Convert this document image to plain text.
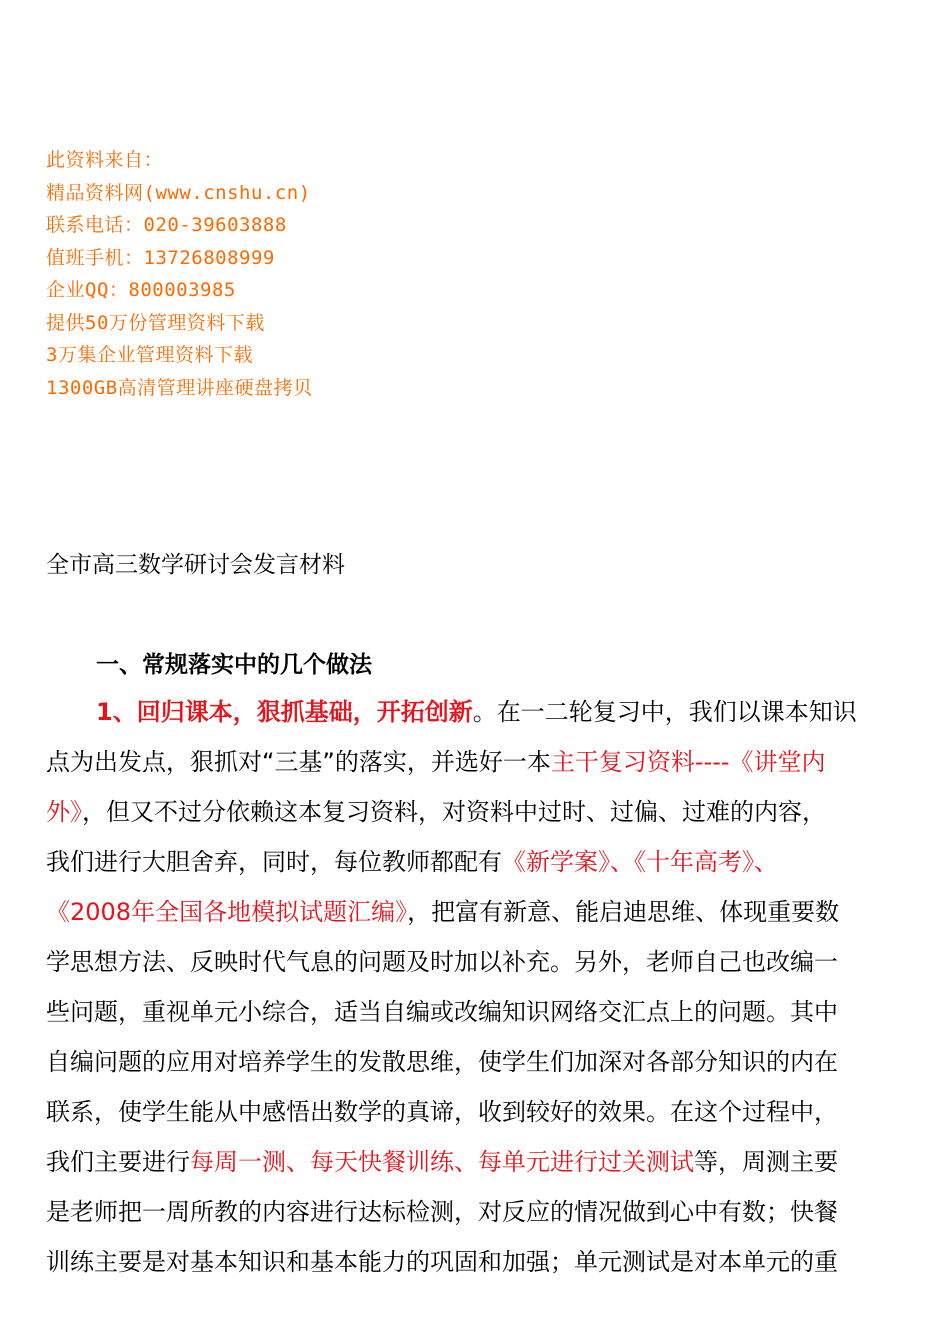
此资料来自：
精品资料网(www.cnshu.cn)
联系电话：020-39603888
值班手机：13726808999
企业QQ：800003985
提供50万份管理资料下载
3万集企业管理资料下载
1300GB高清管理讲座硬盘拷贝
全市高三数学研讨会发言材料
一、常规落实中的几个做法
1、回归课本，狠抓基础，开拓创新。在一二轮复习中，我们以课本知识
点为出发点，狠抓对“三基”的落实，并选好一本主干复习资料----《讲堂内
外》，但又不过分依赖这本复习资料，对资料中过时、过偏、过难的内容，
我们进行大胆舍弃，同时，每位教师都配有《新学案》、《十年高考》、
《2008年全国各地模拟试题汇编》，把富有新意、能启迪思维、体现重要数
学思想方法、反映时代气息的问题及时加以补充。另外，老师自己也改编一
些问题，重视单元小综合，适当自编或改编知识网络交汇点上的问题。其中
自编问题的应用对培养学生的发散思维，使学生们加深对各部分知识的内在
联系，使学生能从中感悟出数学的真谛，收到较好的效果。在这个过程中，
我们主要进行每周一测、每天快餐训练、每单元进行过关测试等，周测主要
是老师把一周所教的内容进行达标检测，对反应的情况做到心中有数；快餐
训练主要是对基本知识和基本能力的巩固和加强；单元测试是对本单元的重
